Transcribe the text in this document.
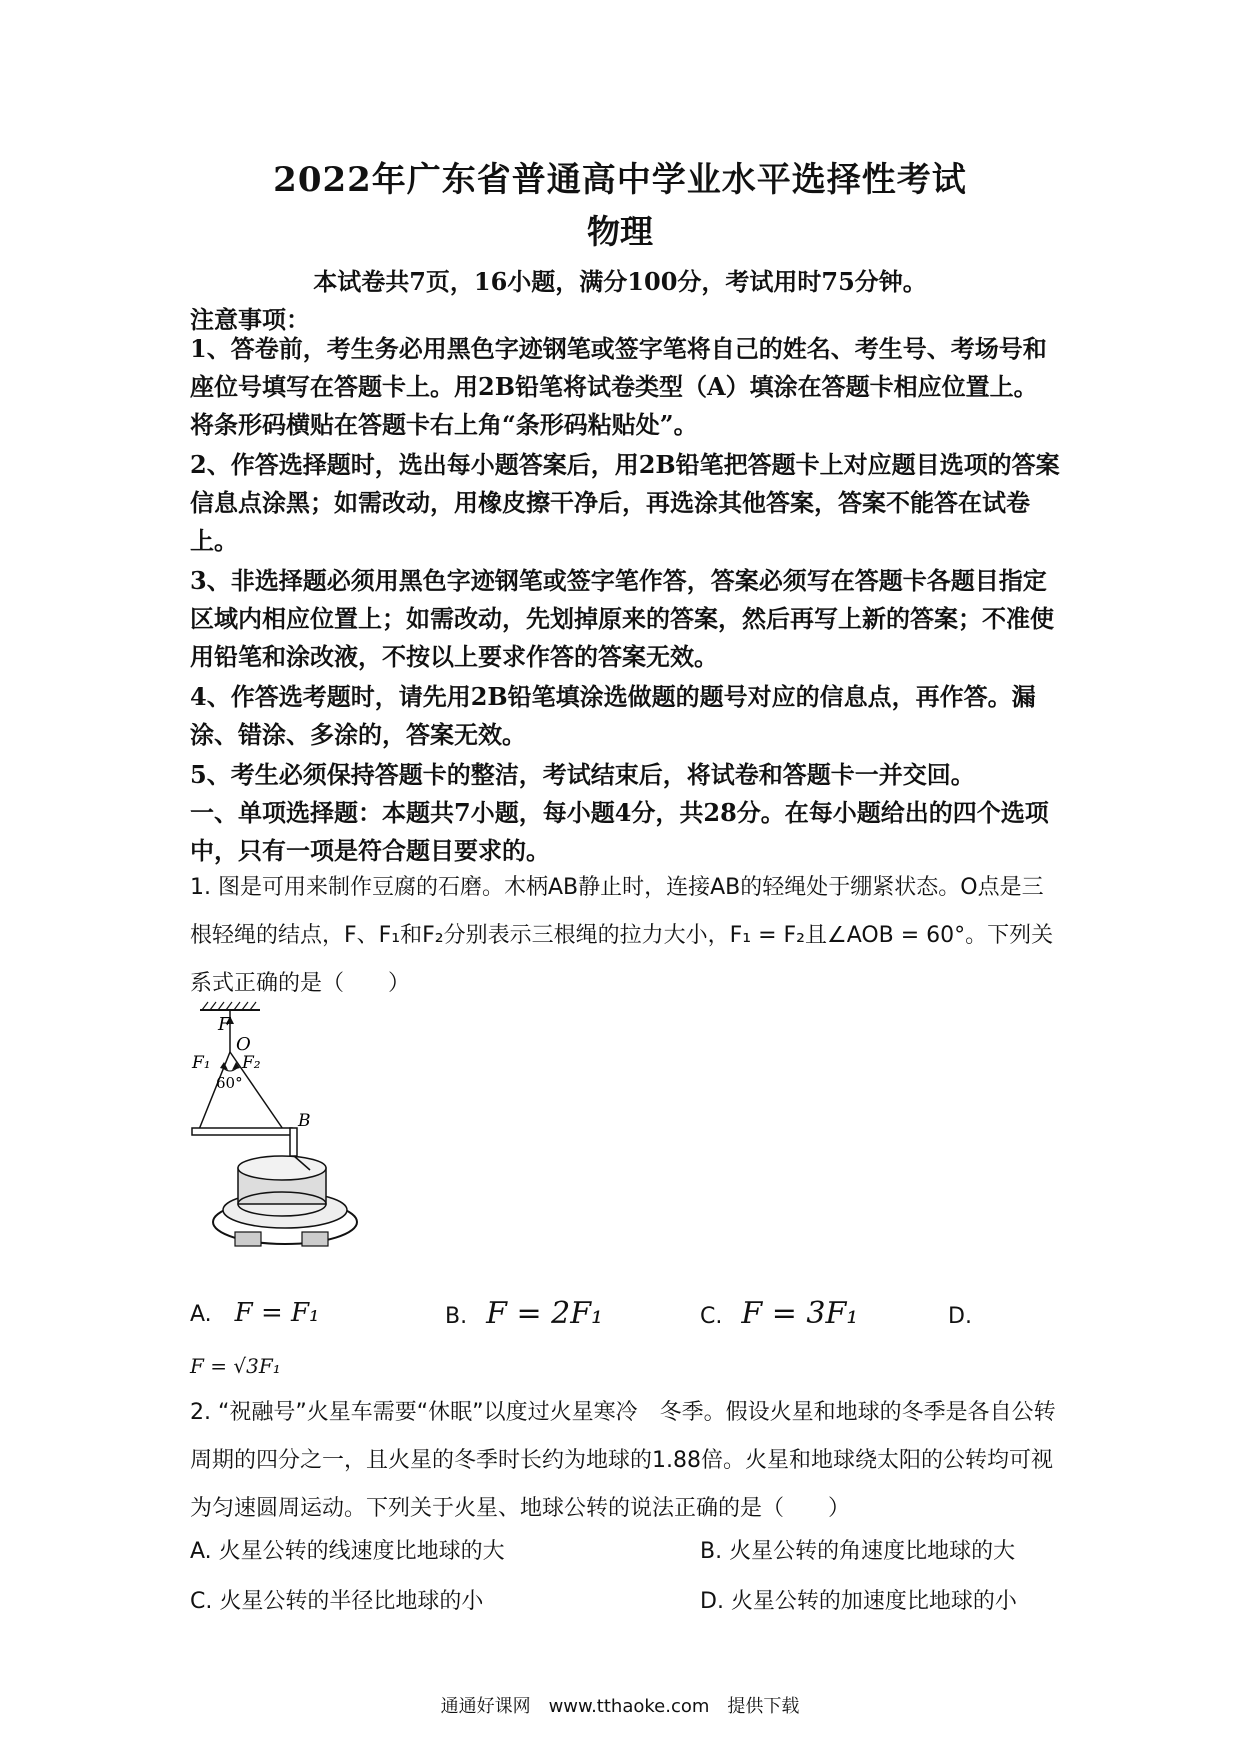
2022年广东省普通高中学业水平选择性考试
物理
本试卷共7页，16小题，满分100分，考试用时75分钟。
注意事项：
1、答卷前，考生务必用黑色字迹钢笔或签字笔将自己的姓名、考生号、考场号和座位号填写在答题卡上。用2B铅笔将试卷类型（A）填涂在答题卡相应位置上。将条形码横贴在答题卡右上角“条形码粘贴处”。
2、作答选择题时，选出每小题答案后，用2B铅笔把答题卡上对应题目选项的答案信息点涂黑；如需改动，用橡皮擦干净后，再选涂其他答案，答案不能答在试卷上。
3、非选择题必须用黑色字迹钢笔或签字笔作答，答案必须写在答题卡各题目指定区域内相应位置上；如需改动，先划掉原来的答案，然后再写上新的答案；不准使用铅笔和涂改液，不按以上要求作答的答案无效。
4、作答选考题时，请先用2B铅笔填涂选做题的题号对应的信息点，再作答。漏涂、错涂、多涂的，答案无效。
5、考生必须保持答题卡的整洁，考试结束后，将试卷和答题卡一并交回。
一、单项选择题：本题共7小题，每小题4分，共28分。在每小题给出的四个选项中，只有一项是符合题目要求的。
1. 图是可用来制作豆腐的石磨。木柄AB静止时，连接AB的轻绳处于绷紧状态。O点是三根轻绳的结点，F、F₁和F₂分别表示三根绳的拉力大小，F₁ = F₂且∠AOB = 60°。下列关系式正确的是（　　）
F
O
F₁ F₂
60°
B
A. F = F₁	B. F = 2F₁	C. F = 3F₁	D.
F = √3F₁
2. “祝融号”火星车需要“休眠”以度过火星寒冷　冬季。假设火星和地球的冬季是各自公转周期的四分之一，且火星的冬季时长约为地球的1.88倍。火星和地球绕太阳的公转均可视为匀速圆周运动。下列关于火星、地球公转的说法正确的是（　　）
A. 火星公转的线速度比地球的大	B. 火星公转的角速度比地球的大
C. 火星公转的半径比地球的小	D. 火星公转的加速度比地球的小
通通好课网　www.tthaoke.com　提供下载
